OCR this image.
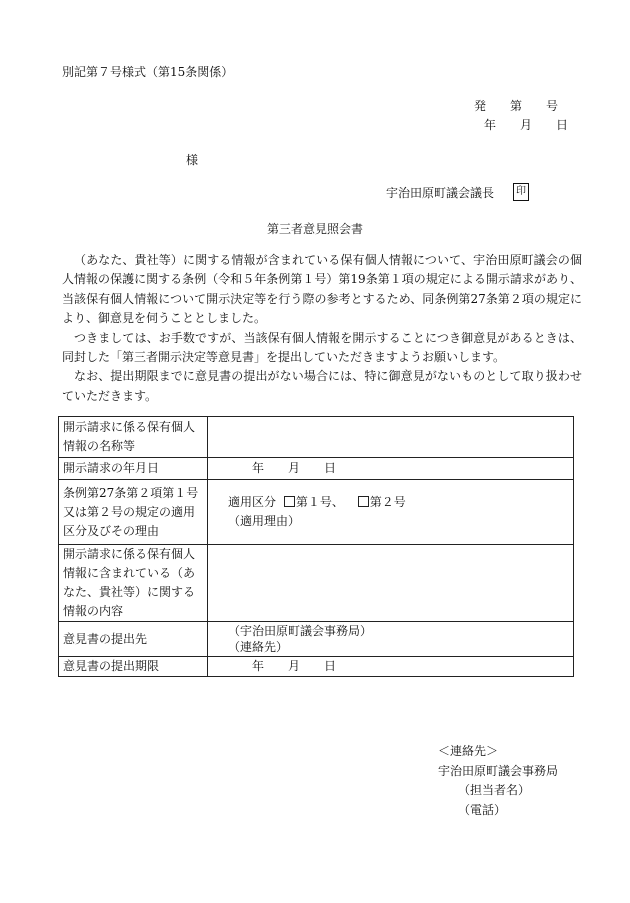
別記第７号様式（第15条関係）
発　　第　　号
年　　月　　日
様
宇治田原町議会議長	印
第三者意見照会書

（あなた、貴社等）に関する情報が含まれている保有個人情報について、宇治田原町議会の個人情報の保護に関する条例（令和５年条例第１号）第19条第１項の規定による開示請求があり、当該保有個人情報について開示決定等を行う際の参考とするため、同条例第27条第２項の規定により、御意見を伺うこととしました。

つきましては、お手数ですが、当該保有個人情報を開示することにつき御意見があるときは、同封した「第三者開示決定等意見書」を提出していただきますようお願いします。

なお、提出期限までに意見書の提出がない場合には、特に御意見がないものとして取り扱わせていただきます。

開示請求に係る保有個人情報の名称等	
開示請求の年月日	年　　月　　日
条例第27条第２項第１号又は第２号の規定の適用区分及びその理由	適用区分 第１号、 第２号
（適用理由）

開示請求に係る保有個人情報に含まれている（あなた、貴社等）に関する情報の内容	
意見書の提出先	（宇治田原町議会事務局）
（連絡先）

意見書の提出期限	年　　月　　日
＜連絡先＞
宇治田原町議会事務局
（担当者名）
（電話）
